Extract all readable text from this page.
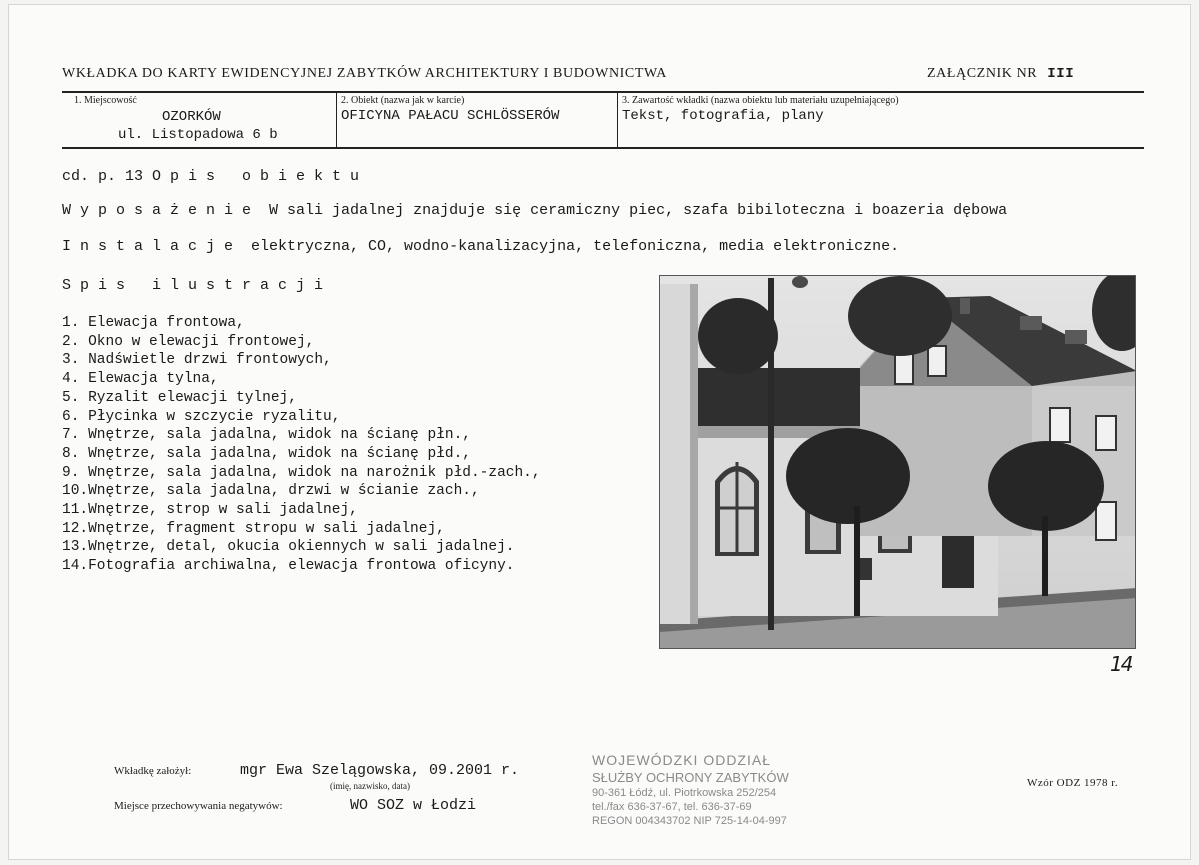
WKŁADKA DO KARTY EWIDENCYJNEJ ZABYTKÓW ARCHITEKTURY I BUDOWNICTWA	ZAŁĄCZNIK NR III
1. Miejscowość
OZORKÓW
ul. Listopadowa 6 b
2. Obiekt (nazwa jak w karcie)
OFICYNA PAŁACU SCHLÖSSERÓW
3. Zawartość wkładki (nazwa obiektu lub materiału uzupełniającego)
Tekst, fotografia, plany
cd. p. 13 Opis obiektu
Wyposażenie W sali jadalnej znajduje się ceramiczny piec, szafa bibiloteczna i boazeria dębowa
Instalacje elektryczna, CO, wodno-kanalizacyjna, telefoniczna, media elektroniczne.
Spis ilustracji
1. Elewacja frontowa,
2. Okno w elewacji frontowej,
3. Nadświetle drzwi frontowych,
4. Elewacja tylna,
5. Ryzalit elewacji tylnej,
6. Płycinka w szczycie ryzalitu,
7. Wnętrze, sala jadalna, widok na ścianę płn.,
8. Wnętrze, sala jadalna, widok na ścianę płd.,
9. Wnętrze, sala jadalna, widok na narożnik płd.-zach.,
10.Wnętrze, sala jadalna, drzwi w ścianie zach.,
11.Wnętrze, strop w sali jadalnej,
12.Wnętrze, fragment stropu w sali jadalnej,
13.Wnętrze, detal, okucia okiennych w sali jadalnej.
14.Fotografia archiwalna, elewacja frontowa oficyny.
14
Wkładkę założył:	mgr Ewa Szelągowska, 09.2001 r.
(imię, nazwisko, data)
Miejsce przechowywania negatywów:	WO SOZ w Łodzi
WOJEWÓDZKI ODDZIAŁ
SŁUŻBY OCHRONY ZABYTKÓW
90-361 Łódź, ul. Piotrkowska 252/254
tel./fax 636-37-67, tel. 636-37-69
REGON 004343702 NIP 725-14-04-997
Wzór ODZ 1978 r.
